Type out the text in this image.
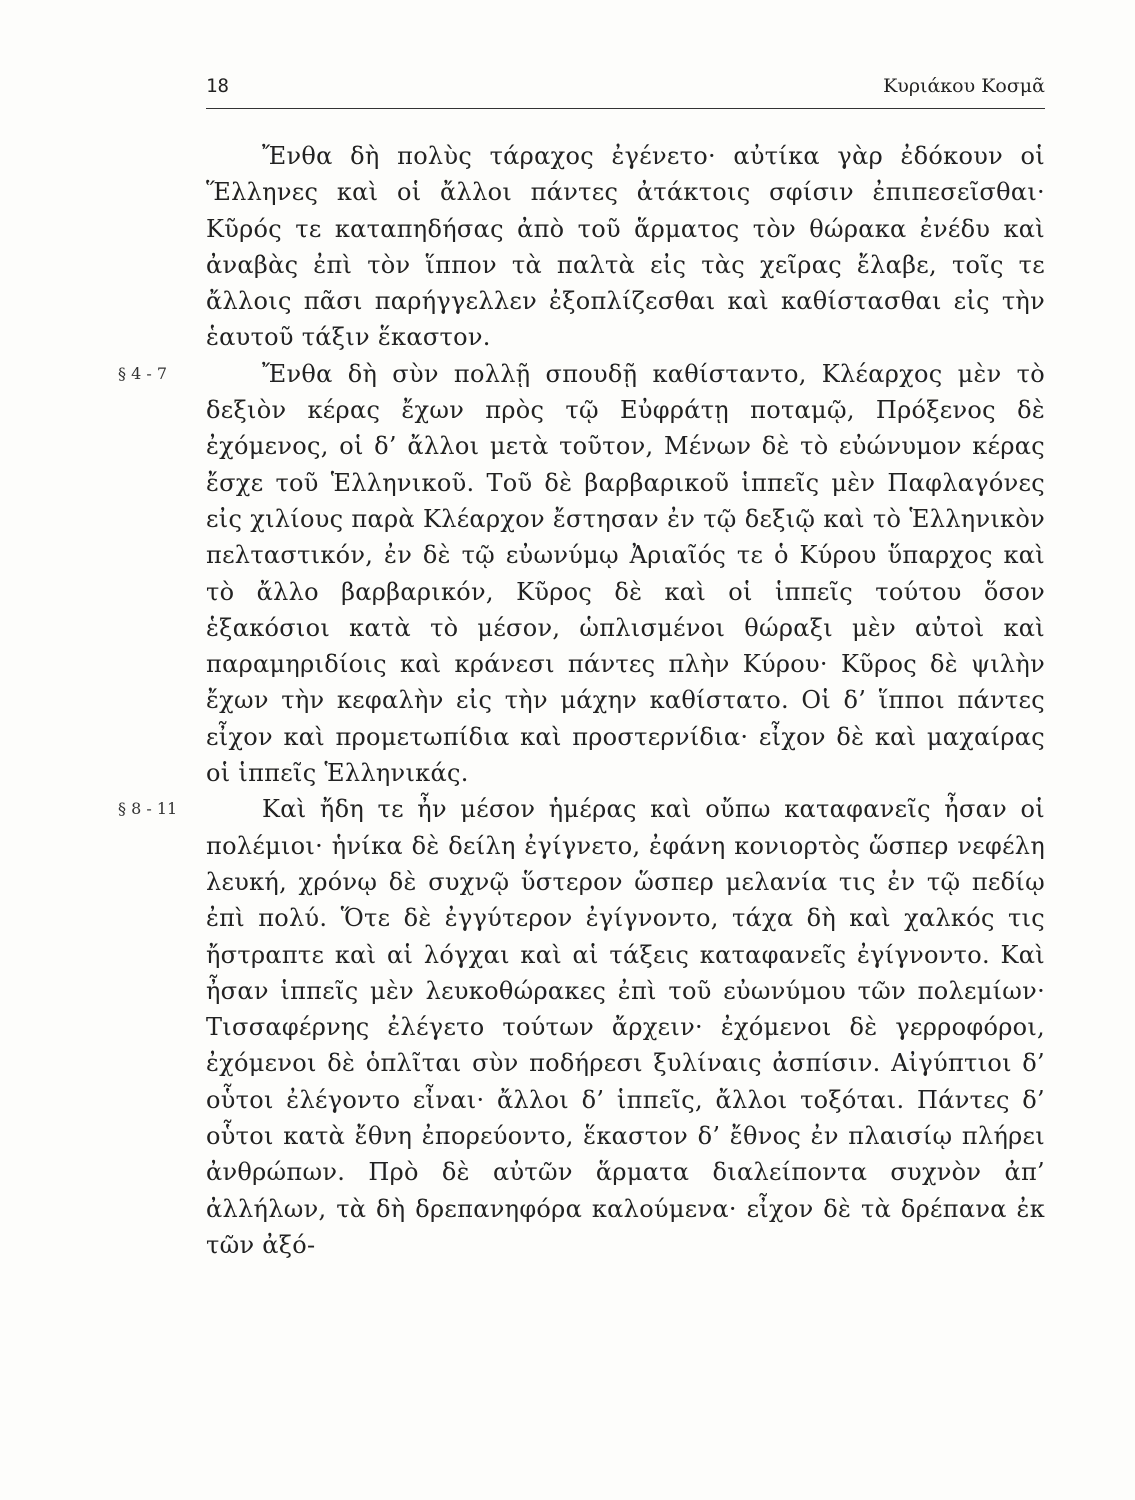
18	Κυριάκου Κοσμᾶ

Ἔνθα δὴ πολὺς τάραχος ἐγένετο· αὐτίκα γὰρ ἐδόκουν οἱ Ἕλληνες καὶ οἱ ἄλλοι πάντες ἀτάκτοις σφίσιν ἐπιπεσεῖσθαι· Κῦρός τε καταπηδήσας ἀπὸ τοῦ ἅρματος τὸν θώρακα ἐνέδυ καὶ ἀναβὰς ἐπὶ τὸν ἵππον τὰ παλτὰ εἰς τὰς χεῖρας ἔλαβε, τοῖς τε ἄλλοις πᾶσι παρήγγελλεν ἐξοπλίζεσθαι καὶ καθίστασθαι εἰς τὴν ἑαυτοῦ τάξιν ἕκαστον.

§ 4 - 7	Ἔνθα δὴ σὺν πολλῇ σπουδῇ καθίσταντο, Κλέαρχος μὲν τὸ δεξιὸν κέρας ἔχων πρὸς τῷ Εὐφράτῃ ποταμῷ, Πρόξενος δὲ ἐχόμενος, οἱ δ’ ἄλλοι μετὰ τοῦτον, Μένων δὲ τὸ εὐώνυμον κέρας ἔσχε τοῦ Ἑλληνικοῦ. Τοῦ δὲ βαρβαρικοῦ ἱππεῖς μὲν Παφλαγόνες εἰς χιλίους παρὰ Κλέαρχον ἔστησαν ἐν τῷ δεξιῷ καὶ τὸ Ἑλληνικὸν πελταστικόν, ἐν δὲ τῷ εὐωνύμῳ Ἀριαῖός τε ὁ Κύρου ὕπαρχος καὶ τὸ ἄλλο βαρβαρικόν, Κῦρος δὲ καὶ οἱ ἱππεῖς τούτου ὅσον ἑξακόσιοι κατὰ τὸ μέσον, ὡπλισμένοι θώραξι μὲν αὐτοὶ καὶ παραμηριδίοις καὶ κράνεσι πάντες πλὴν Κύρου· Κῦρος δὲ ψιλὴν ἔχων τὴν κεφαλὴν εἰς τὴν μάχην καθίστατο. Οἱ δ’ ἵπποι πάντες εἶχον καὶ προμετωπίδια καὶ προστερνίδια· εἶχον δὲ καὶ μαχαίρας οἱ ἱππεῖς Ἑλληνικάς.

§ 8 - 11	Καὶ ἤδη τε ἦν μέσον ἡμέρας καὶ οὔπω καταφανεῖς ἦσαν οἱ πολέμιοι· ἡνίκα δὲ δείλη ἐγίγνετο, ἐφάνη κονιορτὸς ὥσπερ νεφέλη λευκή, χρόνῳ δὲ συχνῷ ὕστερον ὥσπερ μελανία τις ἐν τῷ πεδίῳ ἐπὶ πολύ. Ὅτε δὲ ἐγγύτερον ἐγίγνοντο, τάχα δὴ καὶ χαλκός τις ἤστραπτε καὶ αἱ λόγχαι καὶ αἱ τάξεις καταφανεῖς ἐγίγνοντο. Καὶ ἦσαν ἱππεῖς μὲν λευκοθώρακες ἐπὶ τοῦ εὐωνύμου τῶν πολεμίων· Τισσαφέρνης ἐλέγετο τούτων ἄρχειν· ἐχόμενοι δὲ γερροφόροι, ἐχόμενοι δὲ ὁπλῖται σὺν ποδήρεσι ξυλίναις ἀσπίσιν. Αἰγύπτιοι δ’ οὗτοι ἐλέγοντο εἶναι· ἄλλοι δ’ ἱππεῖς, ἄλλοι τοξόται. Πάντες δ’ οὗτοι κατὰ ἔθνη ἐπορεύοντο, ἕκαστον δ’ ἔθνος ἐν πλαισίῳ πλήρει ἀνθρώπων. Πρὸ δὲ αὐτῶν ἅρματα διαλείποντα συχνὸν ἀπ’ ἀλλήλων, τὰ δὴ δρεπανηφόρα καλούμενα· εἶχον δὲ τὰ δρέπανα ἐκ τῶν ἀξό-
